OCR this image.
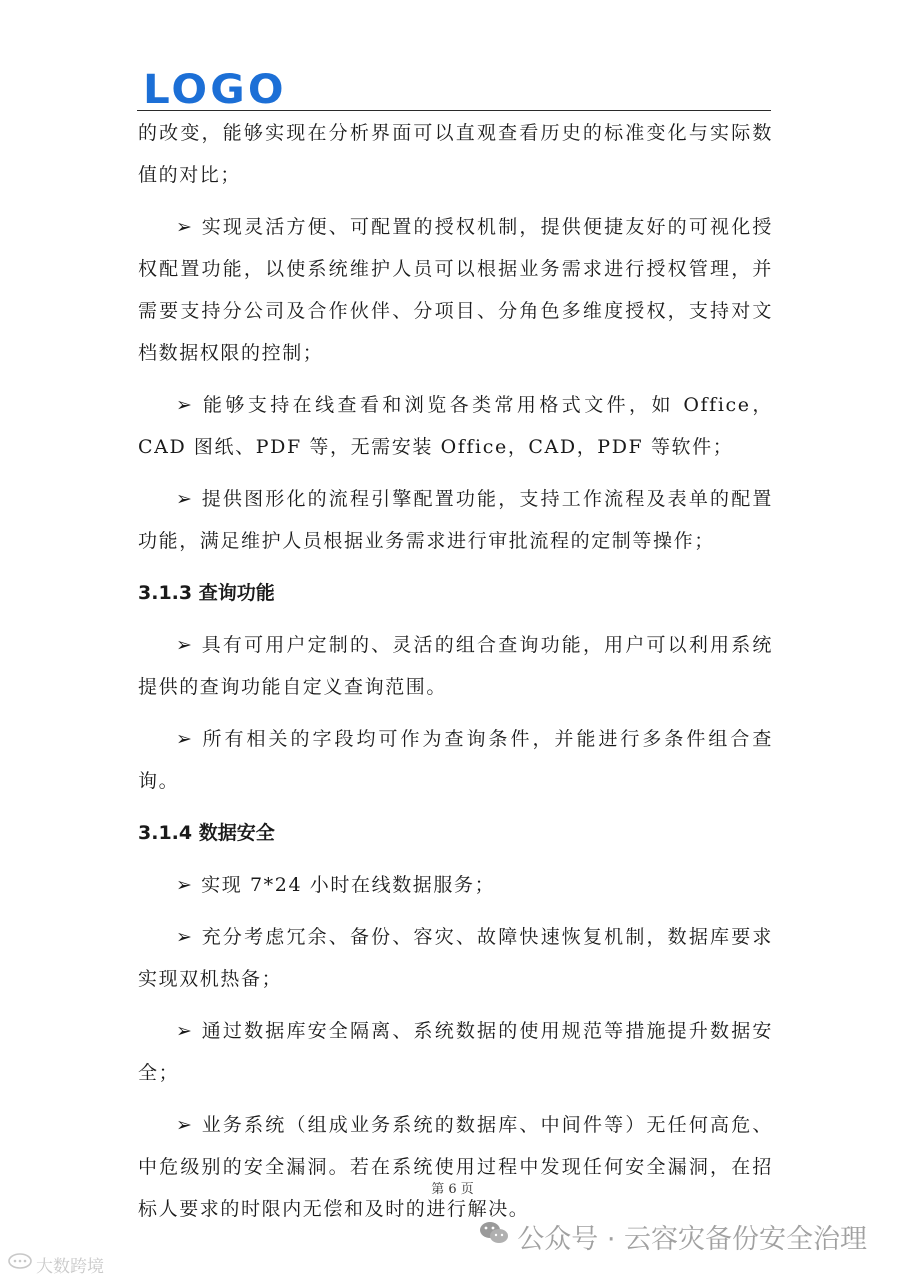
LOGO

的改变，能够实现在分析界面可以直观查看历史的标准变化与实际数值的对比；

➢ 实现灵活方便、可配置的授权机制，提供便捷友好的可视化授权配置功能，以使系统维护人员可以根据业务需求进行授权管理，并需要支持分公司及合作伙伴、分项目、分角色多维度授权，支持对文档数据权限的控制；

➢ 能够支持在线查看和浏览各类常用格式文件，如 Office，CAD 图纸、PDF 等，无需安装 Office，CAD，PDF 等软件；

➢ 提供图形化的流程引擎配置功能，支持工作流程及表单的配置功能，满足维护人员根据业务需求进行审批流程的定制等操作；

3.1.3 查询功能

➢ 具有可用户定制的、灵活的组合查询功能，用户可以利用系统提供的查询功能自定义查询范围。

➢ 所有相关的字段均可作为查询条件，并能进行多条件组合查询。

3.1.4 数据安全

➢ 实现 7*24 小时在线数据服务；

➢ 充分考虑冗余、备份、容灾、故障快速恢复机制，数据库要求实现双机热备；

➢ 通过数据库安全隔离、系统数据的使用规范等措施提升数据安全；

➢ 业务系统（组成业务系统的数据库、中间件等）无任何高危、中危级别的安全漏洞。若在系统使用过程中发现任何安全漏洞，在招标人要求的时限内无偿和及时的进行解决。

第 6 页
公众号 · 云容灾备份安全治理
大数跨境
